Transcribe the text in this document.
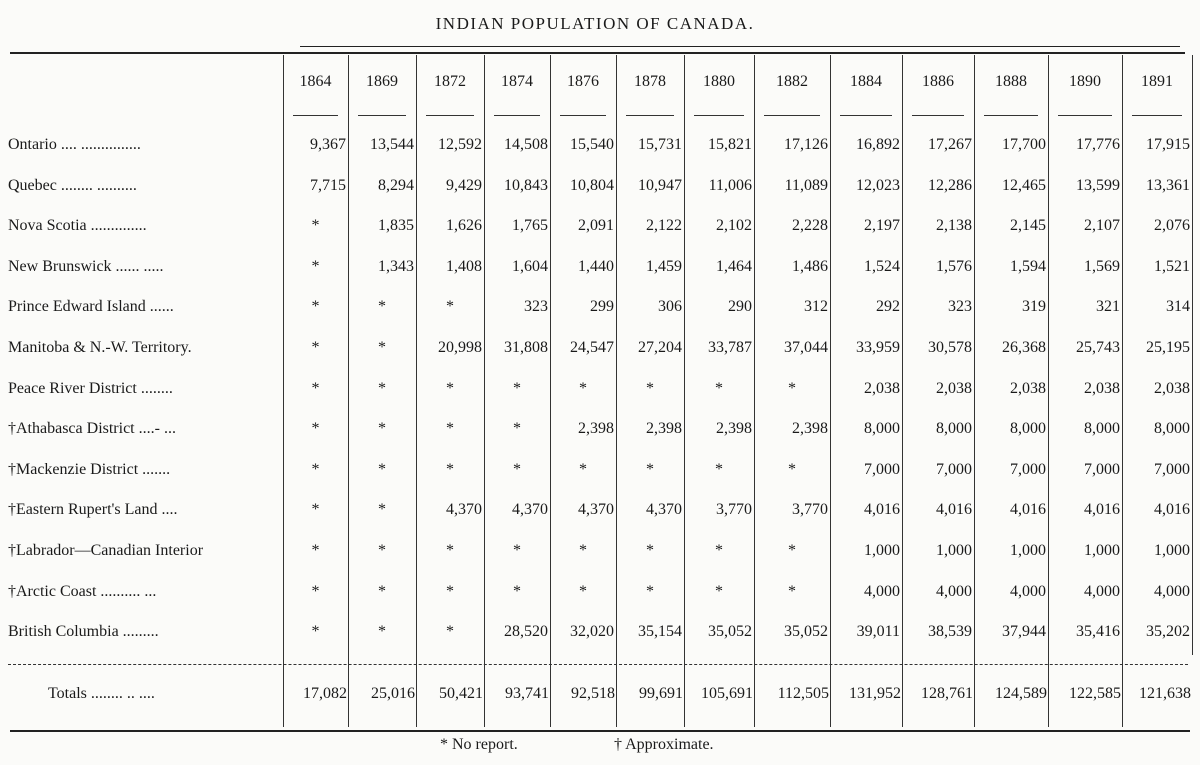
INDIAN POPULATION OF CANADA.
1864	1869	1872	1874	1876	1878	1880	1882	1884	1886	1888	1890	1891
Ontario .... ...............	9,367	13,544	12,592	14,508	15,540	15,731	15,821	17,126	16,892	17,267	17,700	17,776	17,915
Quebec ........ ..........	7,715	8,294	9,429	10,843	10,804	10,947	11,006	11,089	12,023	12,286	12,465	13,599	13,361
Nova Scotia ..............	*	1,835	1,626	1,765	2,091	2,122	2,102	2,228	2,197	2,138	2,145	2,107	2,076
New Brunswick ...... .....	*	1,343	1,408	1,604	1,440	1,459	1,464	1,486	1,524	1,576	1,594	1,569	1,521
Prince Edward Island ......	*	*	*	323	299	306	290	312	292	323	319	321	314
Manitoba & N.-W. Territory.	*	*	20,998	31,808	24,547	27,204	33,787	37,044	33,959	30,578	26,368	25,743	25,195
Peace River District ........	*	*	*	*	*	*	*	*	2,038	2,038	2,038	2,038	2,038
†Athabasca District ....- ...	*	*	*	*	2,398	2,398	2,398	2,398	8,000	8,000	8,000	8,000	8,000
†Mackenzie District .......	*	*	*	*	*	*	*	*	7,000	7,000	7,000	7,000	7,000
†Eastern Rupert's Land ....	*	*	4,370	4,370	4,370	4,370	3,770	3,770	4,016	4,016	4,016	4,016	4,016
†Labrador—Canadian Interior	*	*	*	*	*	*	*	*	1,000	1,000	1,000	1,000	1,000
†Arctic Coast .......... ...	*	*	*	*	*	*	*	*	4,000	4,000	4,000	4,000	4,000
British Columbia .........	*	*	*	28,520	32,020	35,154	35,052	35,052	39,011	38,539	37,944	35,416	35,202
Totals ........ .. ....	17,082	25,016	50,421	93,741	92,518	99,691	105,691	112,505	131,952	128,761	124,589	122,585	121,638
* No report.	† Approximate.
